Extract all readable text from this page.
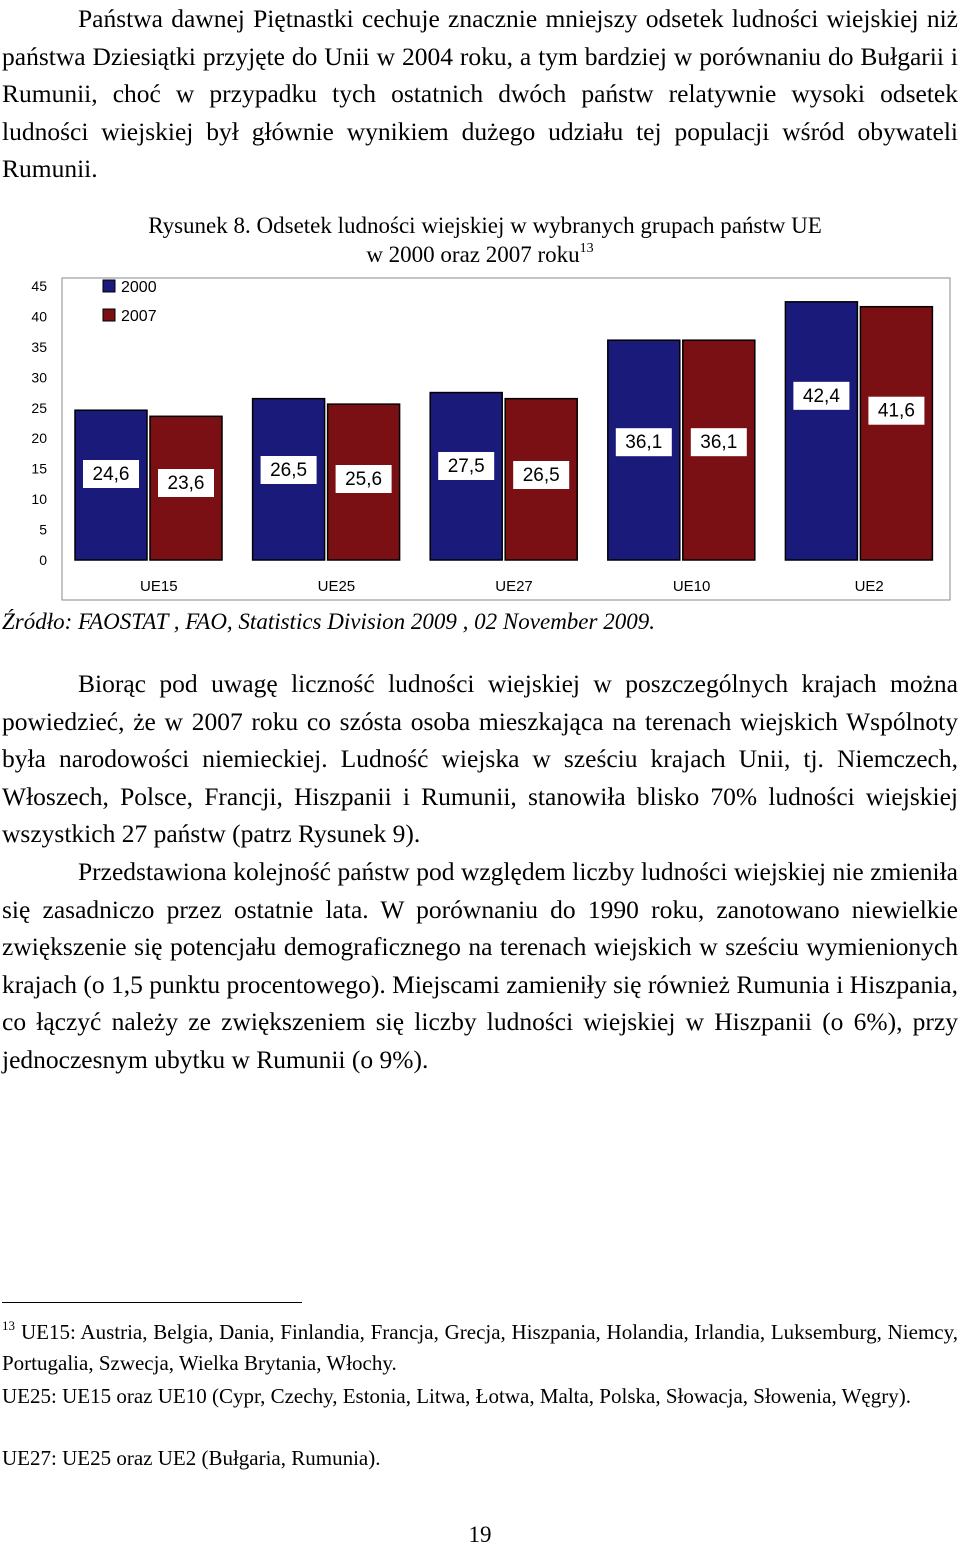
Państwa dawnej Piętnastki cechuje znacznie mniejszy odsetek ludności wiejskiej niż państwa Dziesiątki przyjęte do Unii w 2004 roku, a tym bardziej w porównaniu do Bułgarii i Rumunii, choć w przypadku tych ostatnich dwóch państw relatywnie wysoki odsetek ludności wiejskiej był głównie wynikiem dużego udziału tej populacji wśród obywateli Rumunii.

Rysunek 8. Odsetek ludności wiejskiej w wybranych grupach państw UE
w 2000 oraz 2007 roku$^{13}$
0
5
10
15
20
25
30
35
40
45
24,6 23,6
UE15
26,5 25,6
UE25
27,5 26,5
UE27
36,1 36,1
UE10
42,4
41,6
UE2
2000
2007
Źródło: FAOSTAT , FAO, Statistics Division 2009 , 02 November 2009.

Biorąc pod uwagę liczność ludności wiejskiej w poszczególnych krajach można powiedzieć, że w 2007 roku co szósta osoba mieszkająca na terenach wiejskich Wspólnoty była narodowości niemieckiej. Ludność wiejska w sześciu krajach Unii, tj. Niemczech, Włoszech, Polsce, Francji, Hiszpanii i Rumunii, stanowiła blisko 70% ludności wiejskiej wszystkich 27 państw (patrz Rysunek 9).

Przedstawiona kolejność państw pod względem liczby ludności wiejskiej nie zmieniła się zasadniczo przez ostatnie lata. W porównaniu do 1990 roku, zanotowano niewielkie zwiększenie się potencjału demograficznego na terenach wiejskich w sześciu wymienionych krajach (o 1,5 punktu procentowego). Miejscami zamieniły się również Rumunia i Hiszpania, co łączyć należy ze zwiększeniem się liczby ludności wiejskiej w Hiszpanii (o 6%), przy jednoczesnym ubytku w Rumunii (o 9%).

$^{13}$ UE15: Austria, Belgia, Dania, Finlandia, Francja, Grecja, Hiszpania, Holandia, Irlandia, Luksemburg, Niemcy, Portugalia, Szwecja, Wielka Brytania, Włochy.

UE25: UE15 oraz UE10 (Cypr, Czechy, Estonia, Litwa, Łotwa, Malta, Polska, Słowacja, Słowenia, Węgry).

UE27: UE25 oraz UE2 (Bułgaria, Rumunia).

19
